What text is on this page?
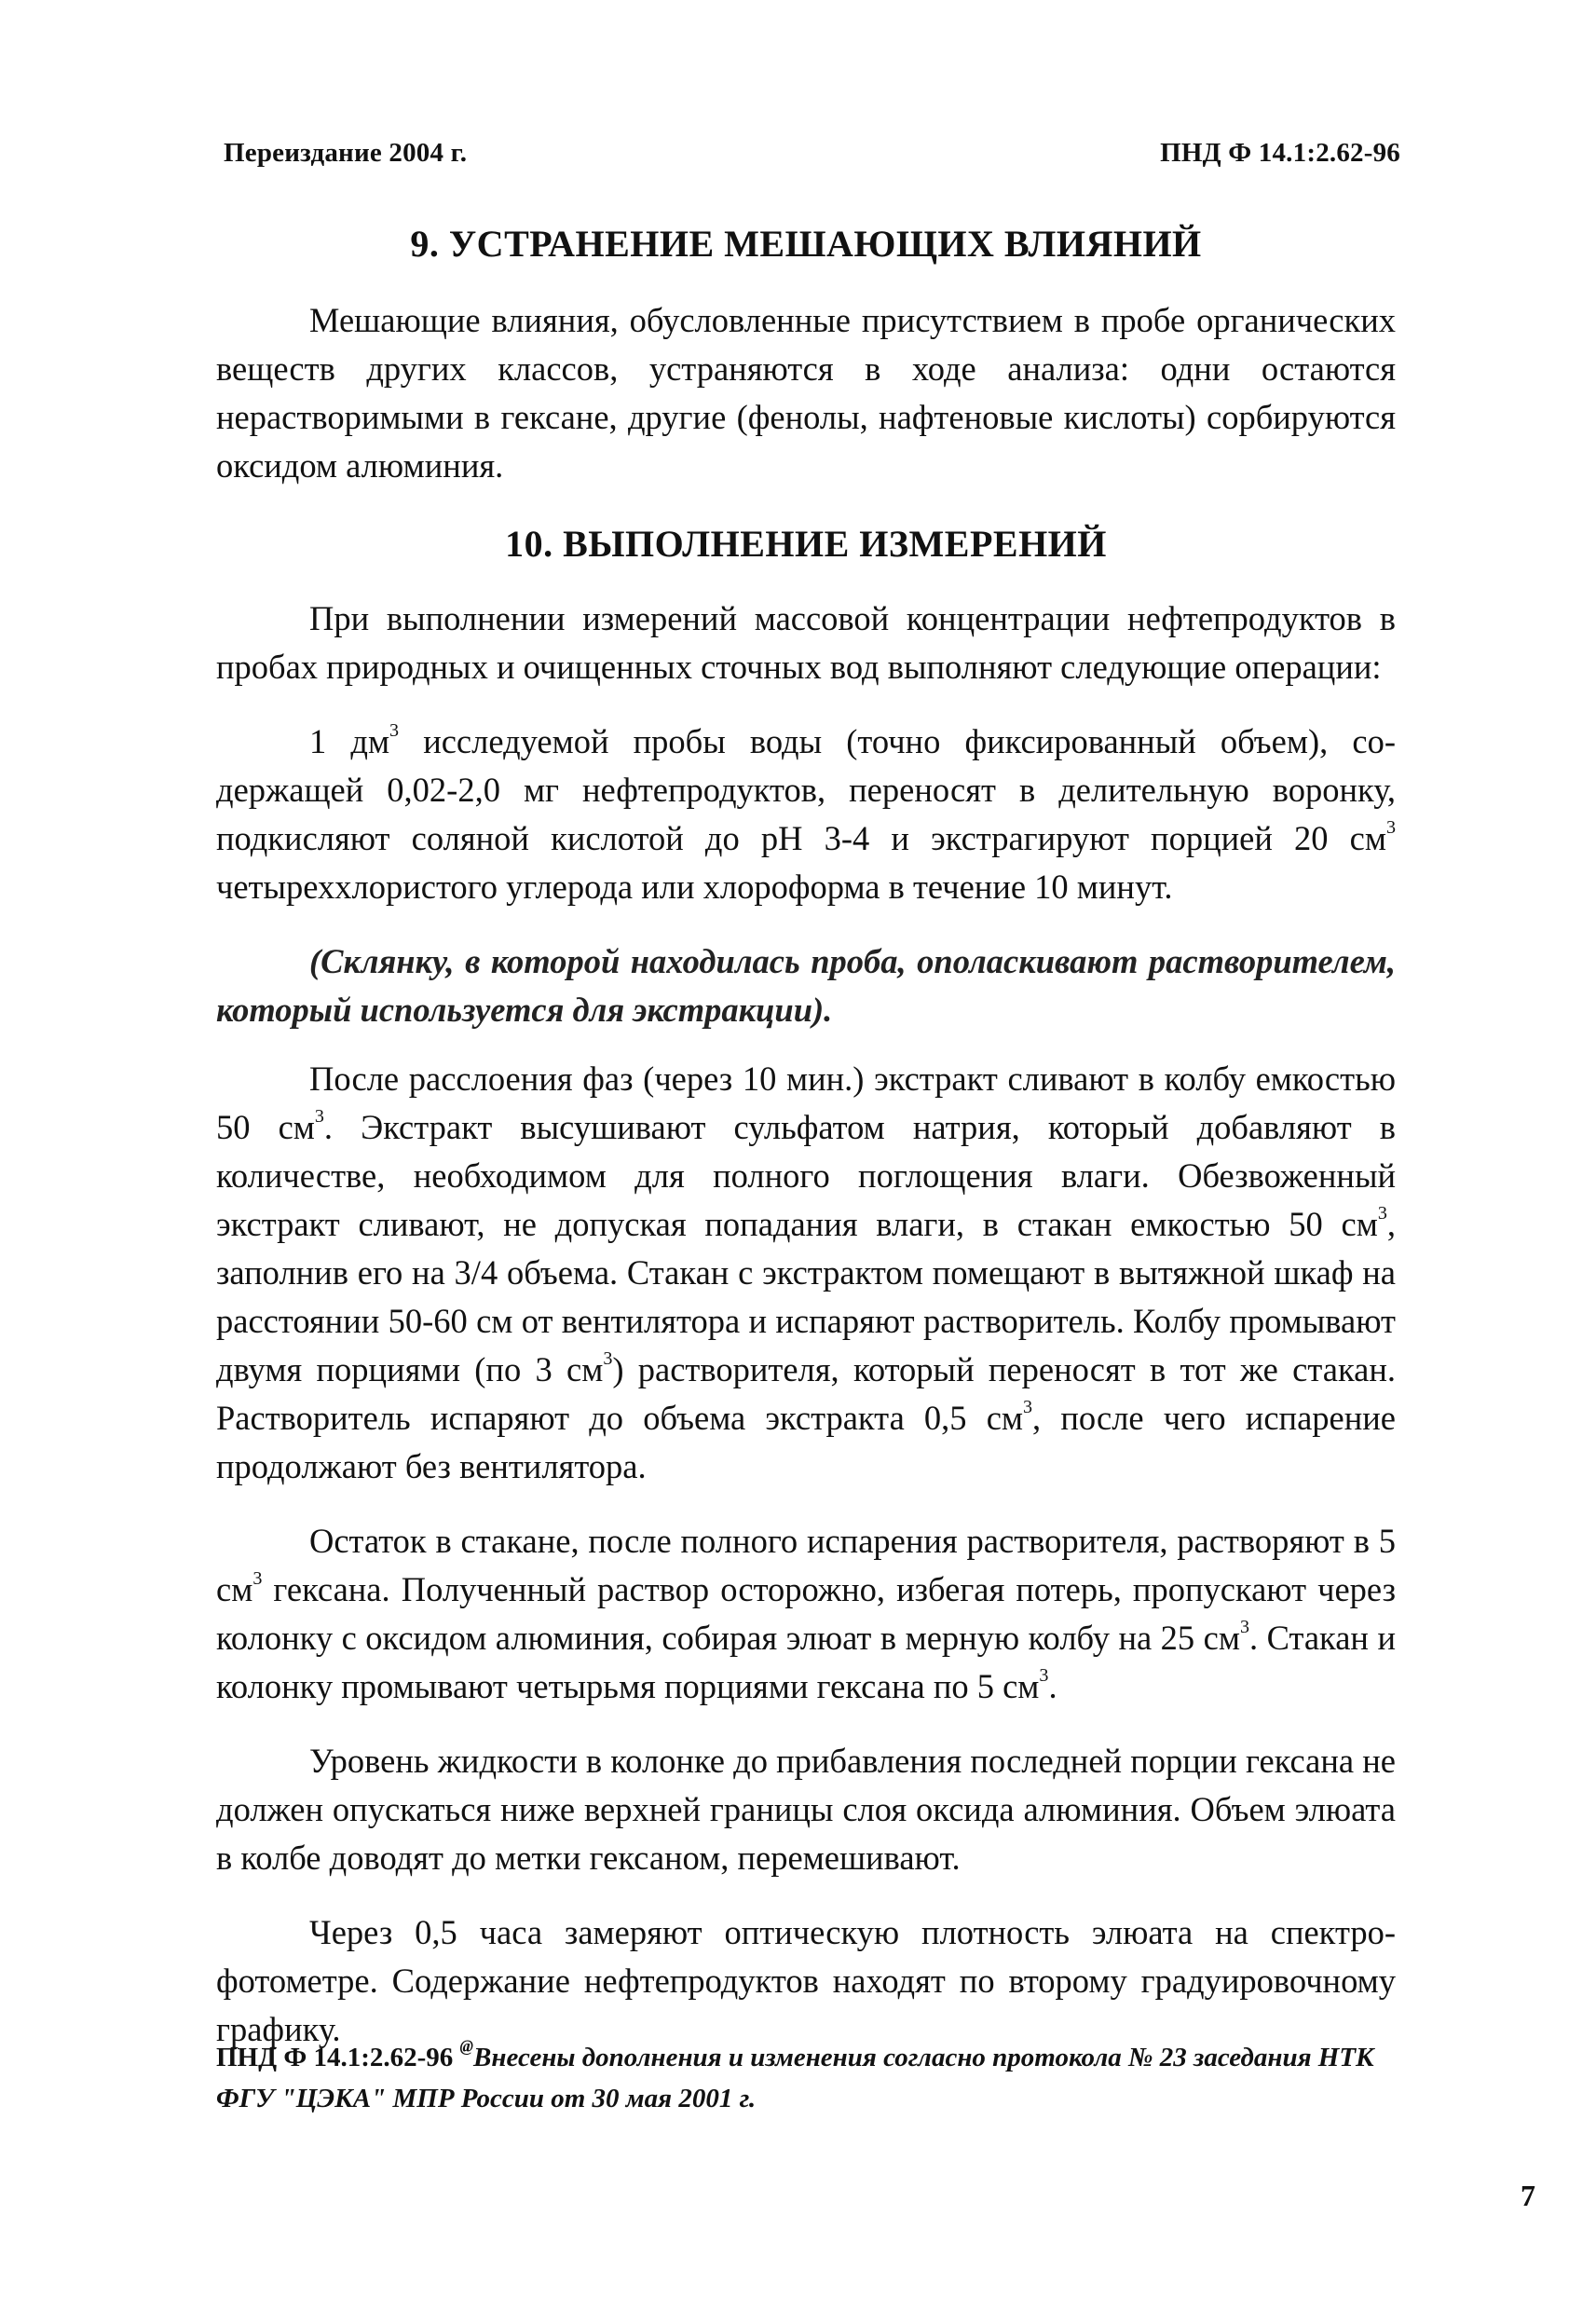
Переиздание 2004 г.	ПНД Ф 14.1:2.62-96
9. УСТРАНЕНИЕ МЕШАЮЩИХ ВЛИЯНИЙ

Мешающие влияния, обусловленные присутствием в пробе органических веществ других классов, устраняются в ходе анализа: одни остаются нерастворимыми в гексане, другие (фенолы, нафтеновые кислоты) сорбируются оксидом алюминия.

10. ВЫПОЛНЕНИЕ ИЗМЕРЕНИЙ

При выполнении измерений массовой концентрации нефтепродуктов в пробах природных и очищенных сточных вод выполняют следующие операции:

1 $дм^3$ исследуемой пробы воды (точно фиксированный объем), содержащей 0,02-2,0 мг нефтепродуктов, переносят в делительную воронку, подкисляют соляной кислотой до pH 3-4 и экстрагируют порцией 20 $см^3$ четыреххлористого углерода или хлороформа в течение 10 минут.

(Склянку, в которой находилась проба, ополаскивают растворителем, который используется для экстракции).

После расслоения фаз (через 10 мин.) экстракт сливают в колбу емкостью 50 $см^3$. Экстракт высушивают сульфатом натрия, который добавляют в количестве, необходимом для полного поглощения влаги. Обезвоженный экстракт сливают, не допуская попадания влаги, в стакан емкостью 50 $см^3$, заполнив его на 3/4 объема. Стакан с экстрактом помещают в вытяжной шкаф на расстоянии 50-60 см от вентилятора и испаряют растворитель. Колбу промывают двумя порциями (по 3 $см^3$) растворителя, который переносят в тот же стакан. Растворитель испаряют до объема экстракта 0,5 $см^3$, после чего испарение продолжают без вентилятора.

Остаток в стакане, после полного испарения растворителя, растворяют в 5 $см^3$ гексана. Полученный раствор осторожно, избегая потерь, пропускают через колонку с оксидом алюминия, собирая элюат в мерную колбу на 25 $см^3$. Стакан и колонку промывают четырьмя порциями гексана по 5 $см^3$.

Уровень жидкости в колонке до прибавления последней порции гексана не должен опускаться ниже верхней границы слоя оксида алюминия. Объем элюата в колбе доводят до метки гексаном, перемешивают.

Через 0,5 часа замеряют оптическую плотность элюата на спектрофотометре. Содержание нефтепродуктов находят по второму градуировочному графику.

ПНД Ф 14.1:2.62-96 @Внесены дополнения и изменения согласно протокола № 23 заседания НТК ФГУ "ЦЭКА" МПР России от 30 мая 2001 г.
7
